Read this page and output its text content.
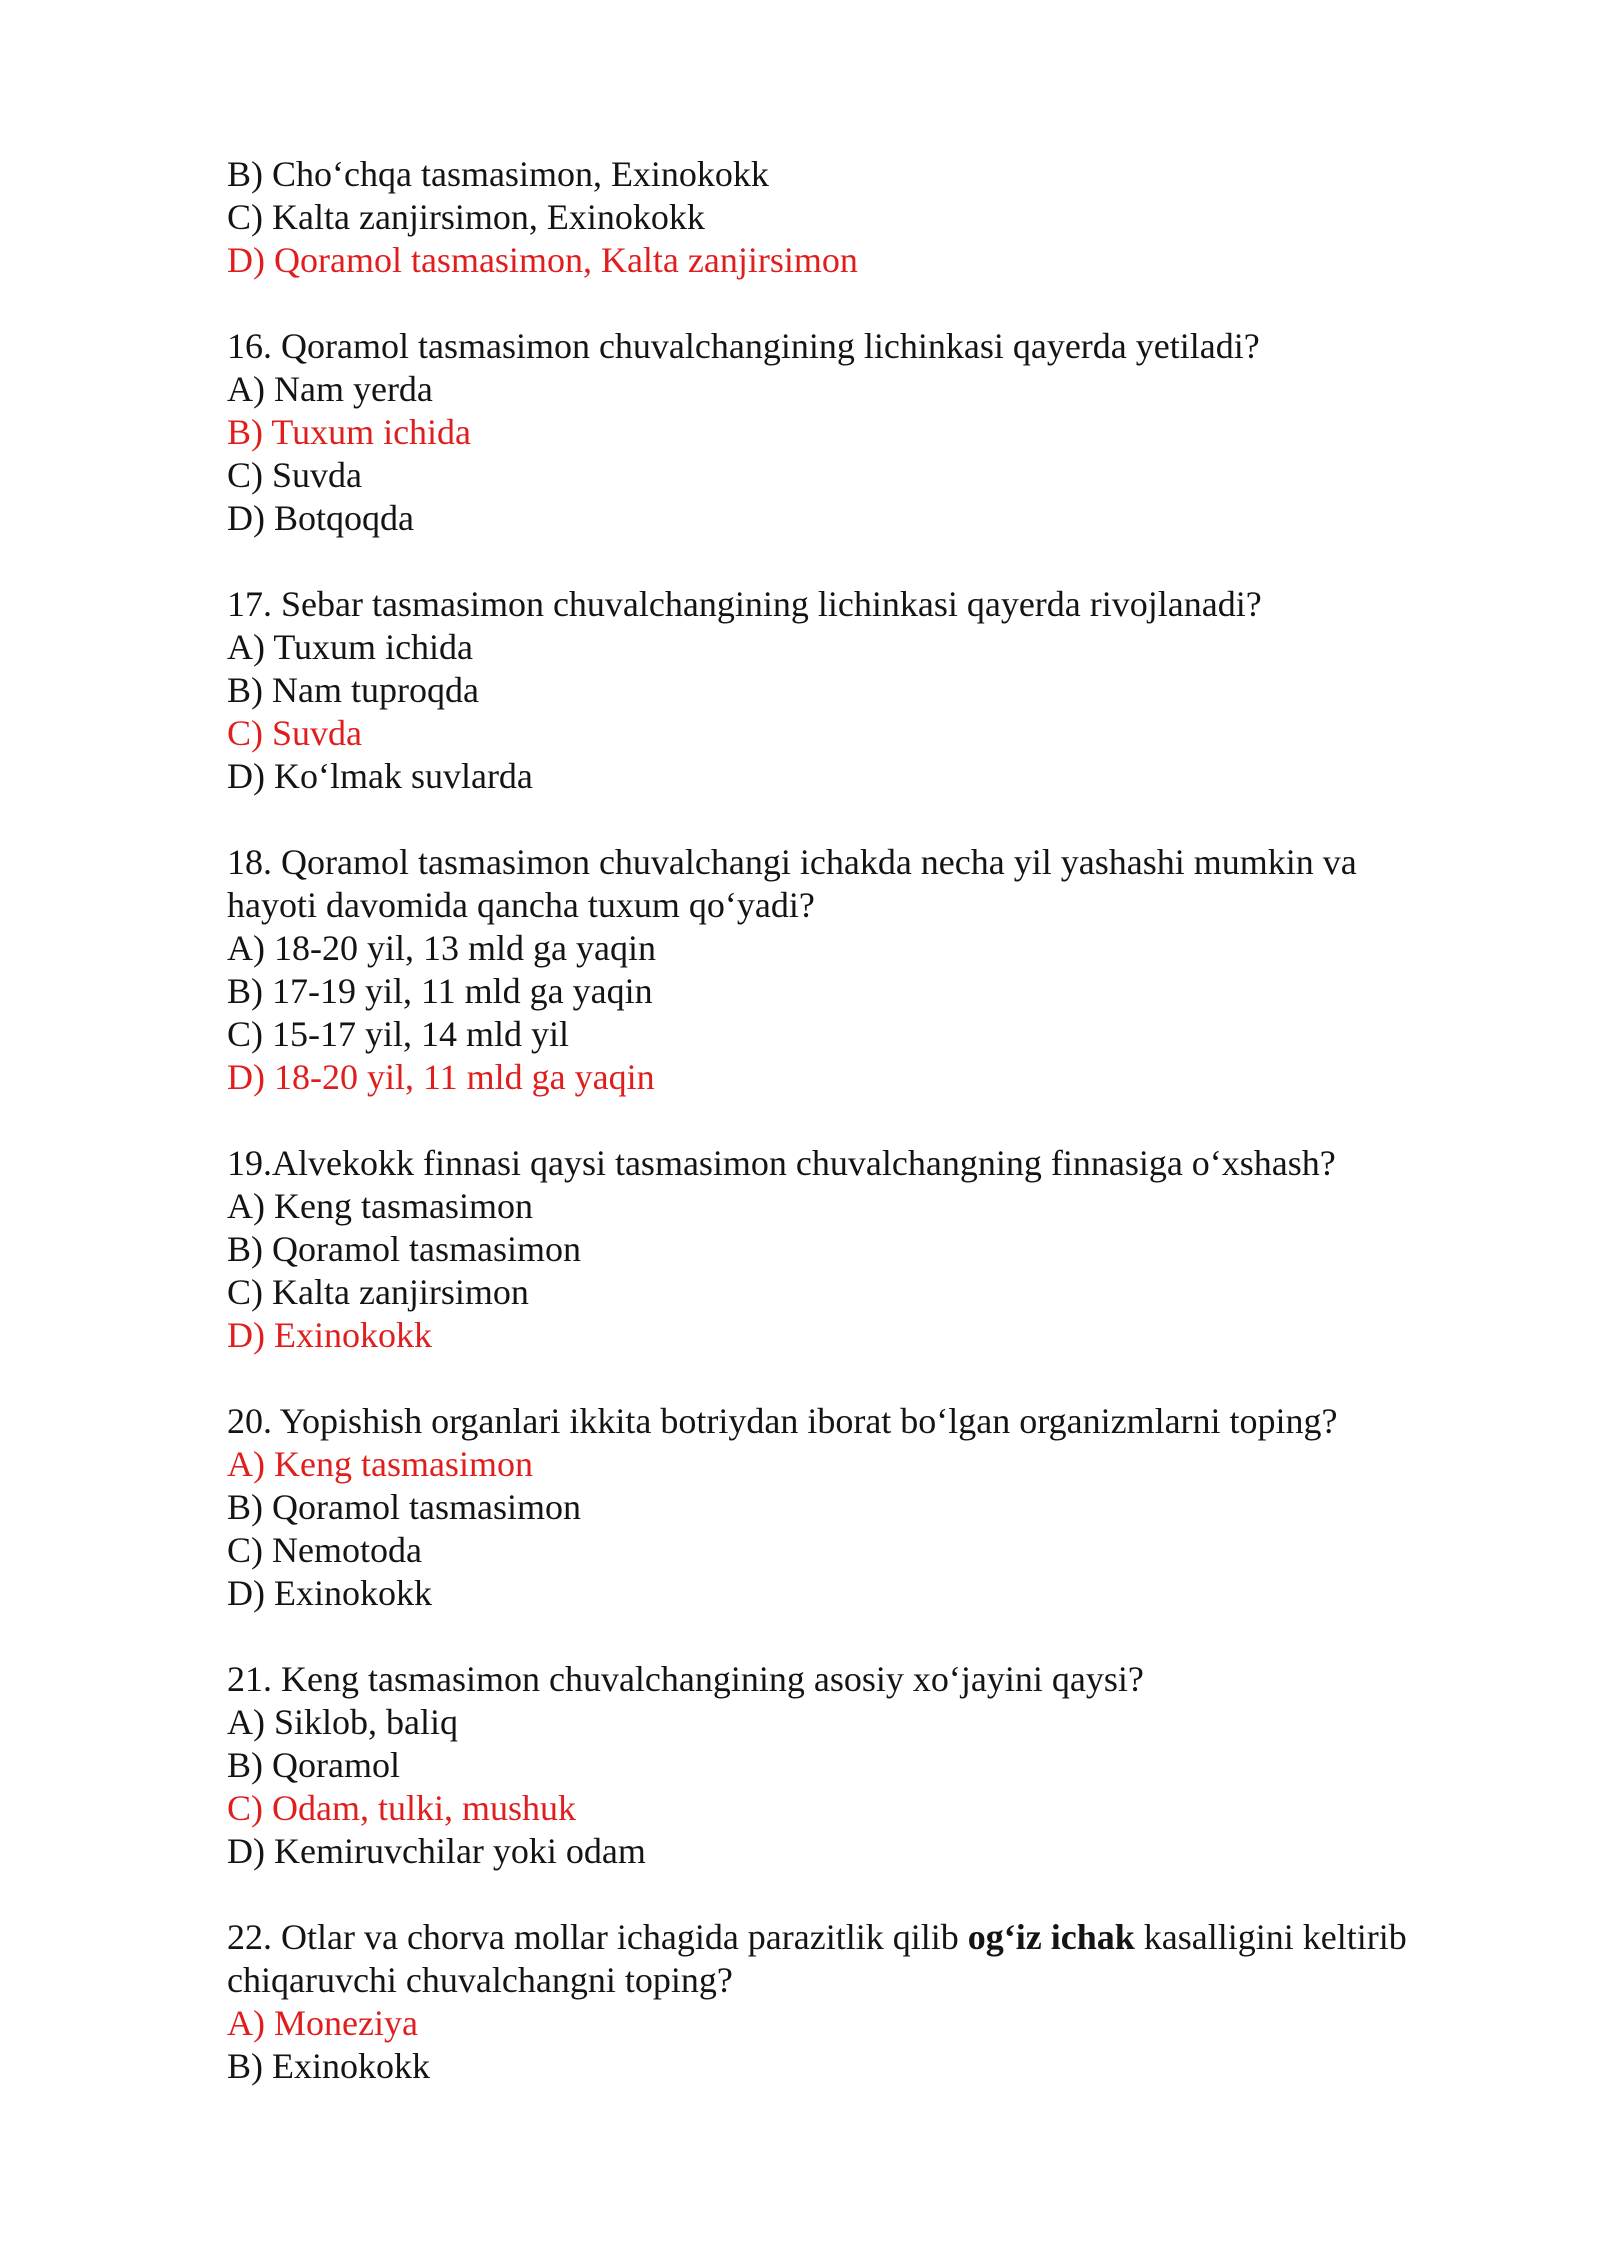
B) Cho‘chqa tasmasimon, Exinokokk
C) Kalta zanjirsimon, Exinokokk
D) Qoramol tasmasimon, Kalta zanjirsimon
16. Qoramol tasmasimon chuvalchangining lichinkasi qayerda yetiladi?
A) Nam yerda
B) Tuxum ichida
C) Suvda
D) Botqoqda
17. Sebar tasmasimon chuvalchangining lichinkasi qayerda rivojlanadi?
A) Tuxum ichida
B) Nam tuproqda
C) Suvda
D) Ko‘lmak suvlarda
18. Qoramol tasmasimon chuvalchangi ichakda necha yil yashashi mumkin va
hayoti davomida qancha tuxum qo‘yadi?
A) 18-20 yil, 13 mld ga yaqin
B) 17-19 yil, 11 mld ga yaqin
C) 15-17 yil, 14 mld yil
D) 18-20 yil, 11 mld ga yaqin
19.Alvekokk finnasi qaysi tasmasimon chuvalchangning finnasiga o‘xshash?
A) Keng tasmasimon
B) Qoramol tasmasimon
C) Kalta zanjirsimon
D) Exinokokk
20. Yopishish organlari ikkita botriydan iborat bo‘lgan organizmlarni toping?
A) Keng tasmasimon
B) Qoramol tasmasimon
C) Nemotoda
D) Exinokokk
21. Keng tasmasimon chuvalchangining asosiy xo‘jayini qaysi?
A) Siklob, baliq
B) Qoramol
C) Odam, tulki, mushuk
D) Kemiruvchilar yoki odam
22. Otlar va chorva mollar ichagida parazitlik qilib og‘iz ichak kasalligini keltirib
chiqaruvchi chuvalchangni toping?
A) Moneziya
B) Exinokokk
